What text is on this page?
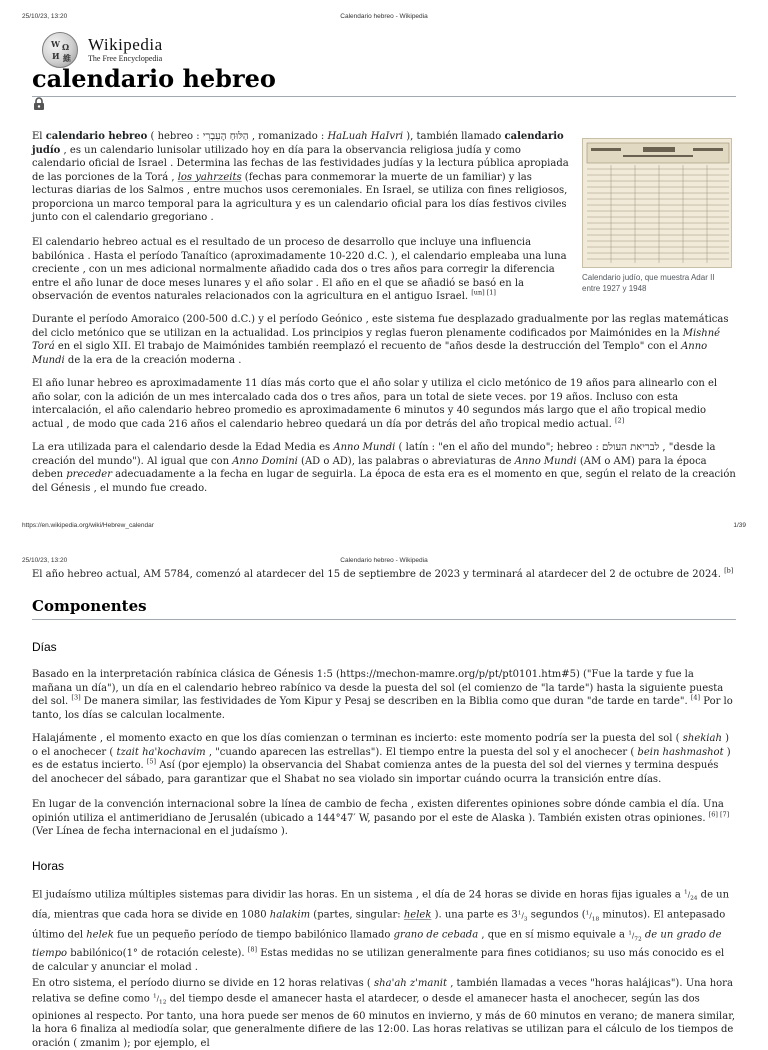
25/10/23, 13:20	Calendario hebreo - Wikipedia
W Ω
И 維
Wikipedia
The Free Encyclopedia
calendario hebreo
Calendario judío, que muestra Adar II entre 1927 y 1948

El calendario hebreo ( hebreo : הַלּוּחַ הָעִבְרִי , romanizado : HaLuah HaIvri ), también llamado calendario judío , es un calendario lunisolar utilizado hoy en día para la observancia religiosa judía y como calendario oficial de Israel . Determina las fechas de las festividades judías y la lectura pública apropiada de las porciones de la Torá , los yahrzeits (fechas para conmemorar la muerte de un familiar) y las lecturas diarias de los Salmos , entre muchos usos ceremoniales. En Israel, se utiliza con fines religiosos, proporciona un marco temporal para la agricultura y es un calendario oficial para los días festivos civiles junto con el calendario gregoriano .

El calendario hebreo actual es el resultado de un proceso de desarrollo que incluye una influencia babilónica . Hasta el período Tanaítico (aproximadamente 10-220 d.C. ), el calendario empleaba una luna creciente , con un mes adicional normalmente añadido cada dos o tres años para corregir la diferencia entre el año lunar de doce meses lunares y el año solar . El año en el que se añadió se basó en la observación de eventos naturales relacionados con la agricultura en el antiguo Israel. [un] [1]

Durante el período Amoraico (200-500 d.C.) y el período Geónico , este sistema fue desplazado gradualmente por las reglas matemáticas del ciclo metónico que se utilizan en la actualidad. Los principios y reglas fueron plenamente codificados por Maimónides en la Mishné Torá en el siglo XII. El trabajo de Maimónides también reemplazó el recuento de "años desde la destrucción del Templo" con el Anno Mundi de la era de la creación moderna .

El año lunar hebreo es aproximadamente 11 días más corto que el año solar y utiliza el ciclo metónico de 19 años para alinearlo con el año solar, con la adición de un mes intercalado cada dos o tres años, para un total de siete veces. por 19 años. Incluso con esta intercalación, el año calendario hebreo promedio es aproximadamente 6 minutos y 40 segundos más largo que el año tropical medio actual , de modo que cada 216 años el calendario hebreo quedará un día por detrás del año tropical medio actual. [2]

La era utilizada para el calendario desde la Edad Media es Anno Mundi ( latín : "en el año del mundo"; hebreo : לבריאת העולם , "desde la creación del mundo"). Al igual que con Anno Domini (AD o AD), las palabras o abreviaturas de Anno Mundi (AM o AM) para la época deben preceder adecuadamente a la fecha en lugar de seguirla. La época de esta era es el momento en que, según el relato de la creación del Génesis , el mundo fue creado.

https://en.wikipedia.org/wiki/Hebrew_calendar	1/39
25/10/23, 13:20	Calendario hebreo - Wikipedia

El año hebreo actual, AM 5784, comenzó al atardecer del 15 de septiembre de 2023 y terminará al atardecer del 2 de octubre de 2024. [b]

Componentes
Días

Basado en la interpretación rabínica clásica de Génesis 1:5 (https://mechon-mamre.org/p/pt/pt0101.htm#5) ("Fue la tarde y fue la mañana un día"), un día en el calendario hebreo rabínico va desde la puesta del sol (el comienzo de "la tarde") hasta la siguiente puesta del sol. [3] De manera similar, las festividades de Yom Kipur y Pesaj se describen en la Biblia como que duran "de tarde en tarde". [4] Por lo tanto, los días se calculan localmente.

Halajámente , el momento exacto en que los días comienzan o terminan es incierto: este momento podría ser la puesta del sol ( shekiah ) o el anochecer ( tzait ha'kochavim , "cuando aparecen las estrellas"). El tiempo entre la puesta del sol y el anochecer ( bein hashmashot ) es de estatus incierto. [5] Así (por ejemplo) la observancia del Shabat comienza antes de la puesta del sol del viernes y termina después del anochecer del sábado, para garantizar que el Shabat no sea violado sin importar cuándo ocurra la transición entre días.

En lugar de la convención internacional sobre la línea de cambio de fecha , existen diferentes opiniones sobre dónde cambia el día. Una opinión utiliza el antimeridiano de Jerusalén (ubicado a 144°47′ W, pasando por el este de Alaska ). También existen otras opiniones. [6] [7] (Ver Línea de fecha internacional en el judaísmo ).

Horas

El judaísmo utiliza múltiples sistemas para dividir las horas. En un sistema , el día de 24 horas se divide en horas fijas iguales a $^1/_{24}$ de un día, mientras que cada hora se divide en 1080 halakim (partes, singular: helek ). una parte es $3^1/_3$ segundos ($^1/_{18}$ minutos). El antepasado último del helek fue un pequeño período de tiempo babilónico llamado grano de cebada , que en sí mismo equivale a $^1/_{72}$ de un grado de tiempo babilónico(1° de rotación celeste). [8] Estas medidas no se utilizan generalmente para fines cotidianos; su uso más conocido es el de calcular y anunciar el molad .

En otro sistema, el período diurno se divide en 12 horas relativas ( sha'ah z'manit , también llamadas a veces "horas halájicas"). Una hora relativa se define como $^1/_{12}$ del tiempo desde el amanecer hasta el atardecer, o desde el amanecer hasta el anochecer, según las dos opiniones al respecto. Por tanto, una hora puede ser menos de 60 minutos en invierno, y más de 60 minutos en verano; de manera similar, la hora 6 finaliza al mediodía solar, que generalmente difiere de las 12:00. Las horas relativas se utilizan para el cálculo de los tiempos de oración ( zmanim ); por ejemplo, el
